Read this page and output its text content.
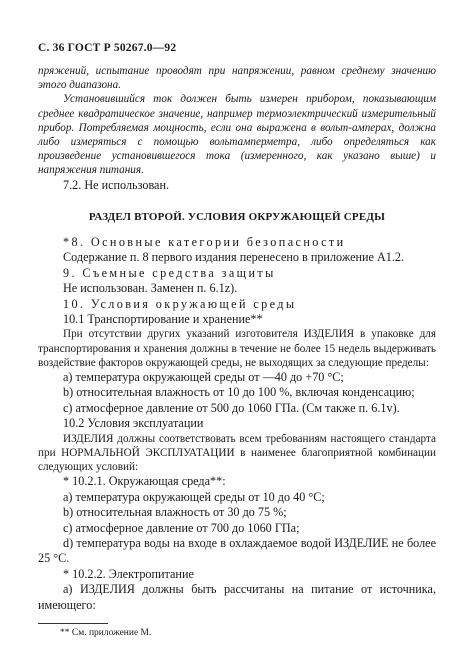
С. 36 ГОСТ Р 50267.0—92

пряжений, испытание проводят при напряжении, равном среднему значению этого диапазона.

Установившийся ток должен быть измерен прибором, показывающим среднее квадратическое значение, например термоэлектрический измерительный прибор. Потребляемая мощность, если она выражена в вольт-амперах, должна либо измеряться с помощью вольтамперметра, либо определяться как произведение установившегося тока (измеренного, как указано выше) и напряжения питания.

7.2. Не использован.

РАЗДЕЛ ВТОРОЙ. УСЛОВИЯ ОКРУЖАЮЩЕЙ СРЕДЫ

*8. Основные категории безопасности

Содержание п. 8 первого издания перенесено в приложение А1.2.

9. Съемные средства защиты

Не использован. Заменен п. 6.1z).

10. Условия окружающей среды

10.1 Транспортирование и хранение**

При отсутствии других указаний изготовителя ИЗДЕЛИЯ в упаковке для транспортирования и хранения должны в течение не более 15 недель выдерживать воздействие факторов окружающей среды, не выходящих за следующие пределы:

а) температура окружающей среды от —40 до +70 °С;

b) относительная влажность от 10 до 100 %, включая конденсацию;

с) атмосферное давление от 500 до 1060 ГПа. (См также п. 6.1v).

10.2 Условия эксплуатации

ИЗДЕЛИЯ должны соответствовать всем требованиям настоящего стандарта при НОРМАЛЬНОЙ ЭКСПЛУАТАЦИИ в наименее благоприятной комбинации следующих условий:

* 10.2.1. Окружающая среда**:

а) температура окружающей среды от 10 до 40 °С;

b) относительная влажность от 30 до 75 %;

с) атмосферное давление от 700 до 1060 ГПа;

d) температура воды на входе в охлаждаемое водой ИЗДЕЛИЕ не более 25 °С.

* 10.2.2. Электропитание

а) ИЗДЕЛИЯ должны быть рассчитаны на питание от источника, имеющего:

** См. приложение М.
